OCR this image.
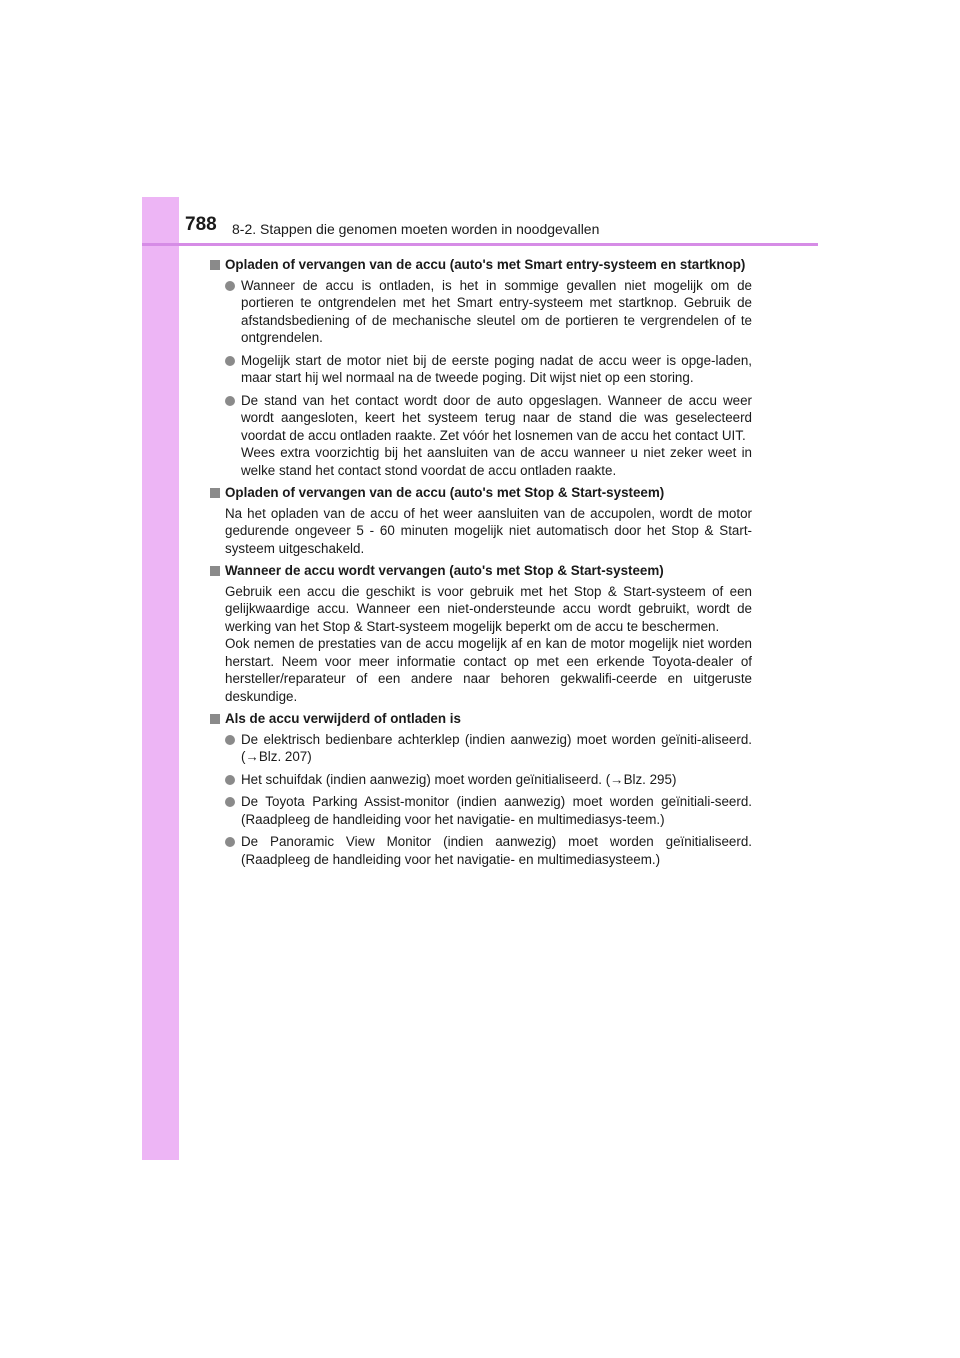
788 8-2. Stappen die genomen moeten worden in noodgevallen
Opladen of vervangen van de accu (auto's met Smart entry-systeem en startknop)
Wanneer de accu is ontladen, is het in sommige gevallen niet mogelijk om de portieren te ontgrendelen met het Smart entry-systeem met startknop. Gebruik de afstandsbediening of de mechanische sleutel om de portieren te vergrendelen of te ontgrendelen.
Mogelijk start de motor niet bij de eerste poging nadat de accu weer is opge-laden, maar start hij wel normaal na de tweede poging. Dit wijst niet op een storing.
De stand van het contact wordt door de auto opgeslagen. Wanneer de accu weer wordt aangesloten, keert het systeem terug naar de stand die was geselecteerd voordat de accu ontladen raakte. Zet vóór het losnemen van de accu het contact UIT.
Wees extra voorzichtig bij het aansluiten van de accu wanneer u niet zeker weet in welke stand het contact stond voordat de accu ontladen raakte.
Opladen of vervangen van de accu (auto's met Stop & Start-systeem)
Na het opladen van de accu of het weer aansluiten van de accupolen, wordt de motor gedurende ongeveer 5 - 60 minuten mogelijk niet automatisch door het Stop & Start-systeem uitgeschakeld.
Wanneer de accu wordt vervangen (auto's met Stop & Start-systeem)
Gebruik een accu die geschikt is voor gebruik met het Stop & Start-systeem of een gelijkwaardige accu. Wanneer een niet-ondersteunde accu wordt gebruikt, wordt de werking van het Stop & Start-systeem mogelijk beperkt om de accu te beschermen.
Ook nemen de prestaties van de accu mogelijk af en kan de motor mogelijk niet worden herstart. Neem voor meer informatie contact op met een erkende Toyota-dealer of hersteller/reparateur of een andere naar behoren gekwalifi-ceerde en uitgeruste deskundige.
Als de accu verwijderd of ontladen is
De elektrisch bedienbare achterklep (indien aanwezig) moet worden geïniti-aliseerd. (→Blz. 207)
Het schuifdak (indien aanwezig) moet worden geïnitialiseerd. (→Blz. 295)
De Toyota Parking Assist-monitor (indien aanwezig) moet worden geïnitiali-seerd. (Raadpleeg de handleiding voor het navigatie- en multimediasys-teem.)
De Panoramic View Monitor (indien aanwezig) moet worden geïnitialiseerd. (Raadpleeg de handleiding voor het navigatie- en multimediasysteem.)
